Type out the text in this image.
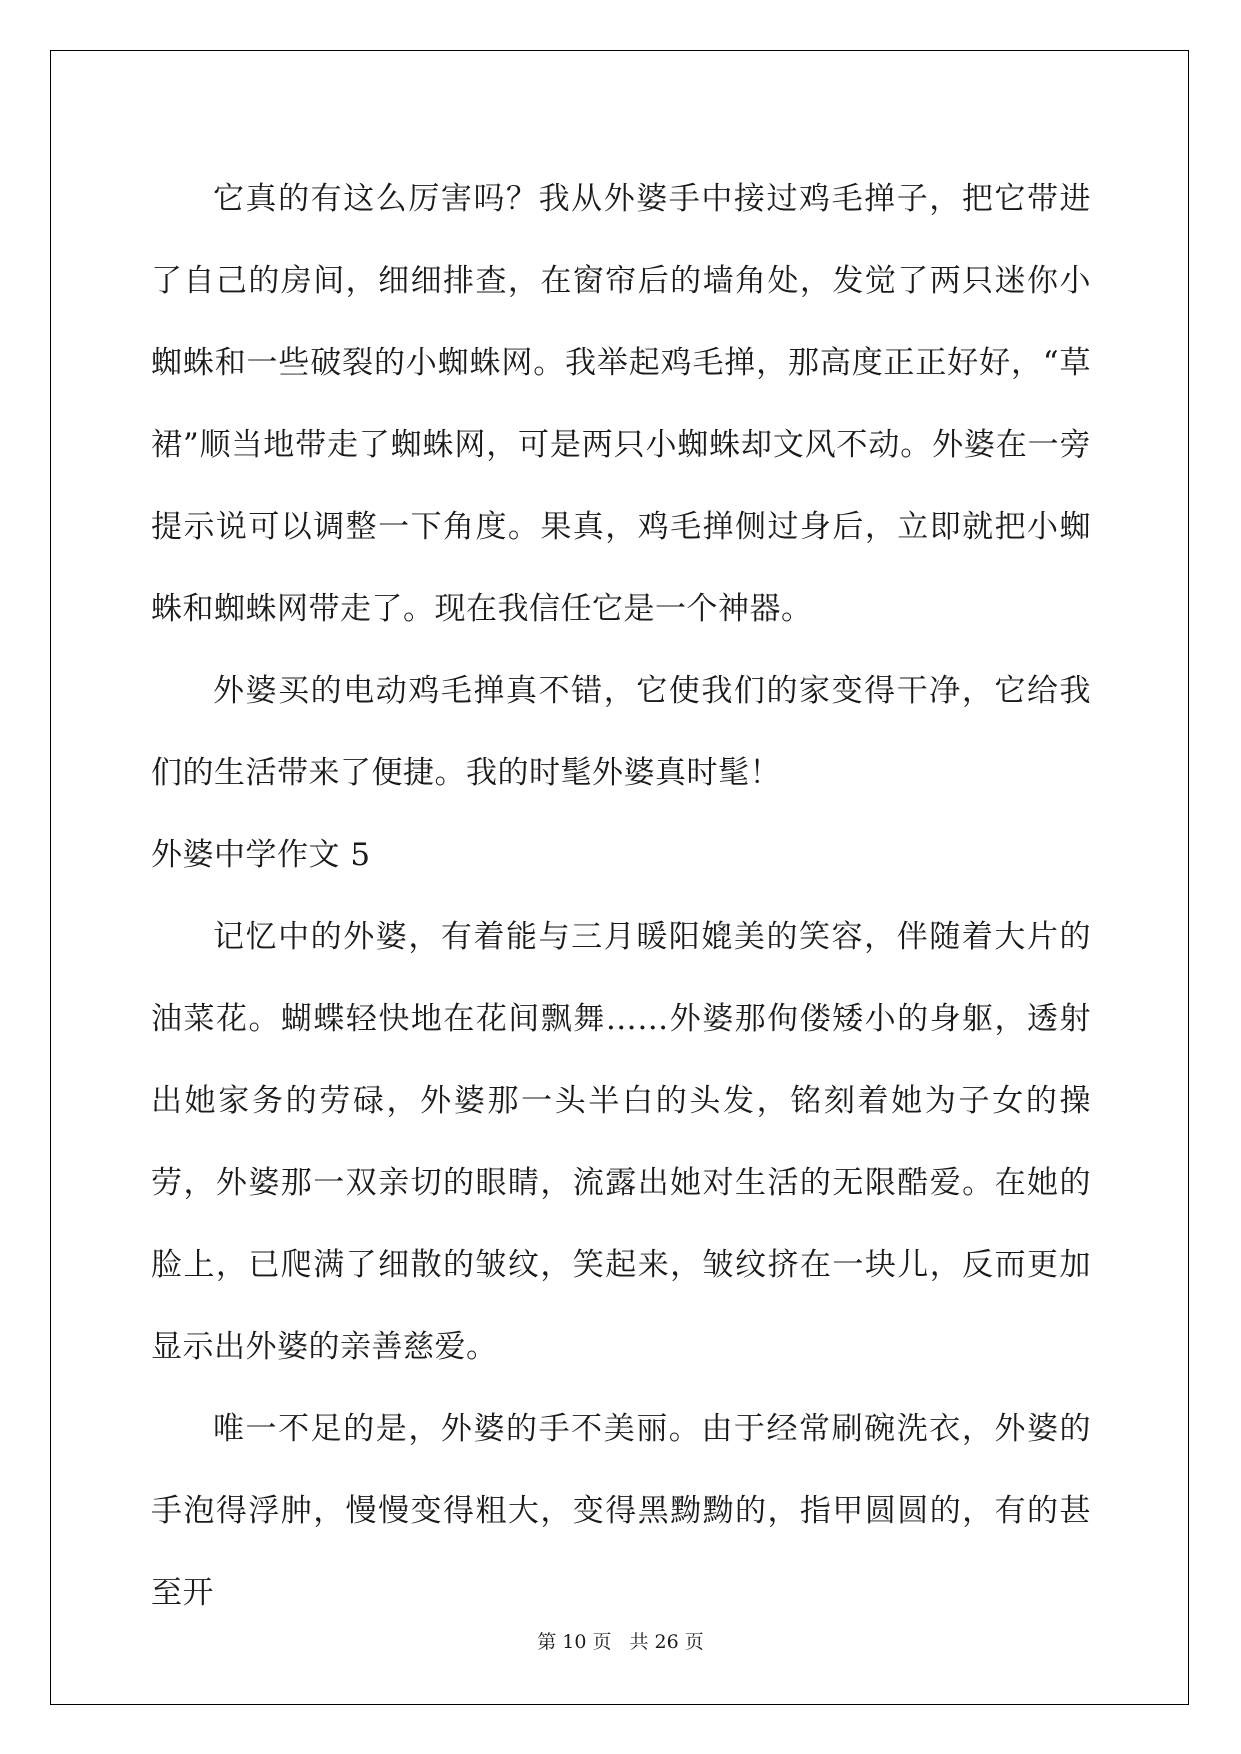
它真的有这么厉害吗？我从外婆手中接过鸡毛掸子，把它带进了自己的房间，细细排查，在窗帘后的墙角处，发觉了两只迷你小蜘蛛和一些破裂的小蜘蛛网。我举起鸡毛掸，那高度正正好好，“草裙”顺当地带走了蜘蛛网，可是两只小蜘蛛却文风不动。外婆在一旁提示说可以调整一下角度。果真，鸡毛掸侧过身后，立即就把小蜘蛛和蜘蛛网带走了。现在我信任它是一个神器。

外婆买的电动鸡毛掸真不错，它使我们的家变得干净，它给我们的生活带来了便捷。我的时髦外婆真时髦！

外婆中学作文 5

记忆中的外婆，有着能与三月暖阳媲美的笑容，伴随着大片的油菜花。蝴蝶轻快地在花间飘舞……外婆那佝偻矮小的身躯，透射出她家务的劳碌，外婆那一头半白的头发，铭刻着她为子女的操劳，外婆那一双亲切的眼睛，流露出她对生活的无限酷爱。在她的脸上，已爬满了细散的皱纹，笑起来，皱纹挤在一块儿，反而更加显示出外婆的亲善慈爱。

唯一不足的是，外婆的手不美丽。由于经常刷碗洗衣，外婆的手泡得浮肿，慢慢变得粗大，变得黑黝黝的，指甲圆圆的，有的甚至开

第 10 页 共 26 页
